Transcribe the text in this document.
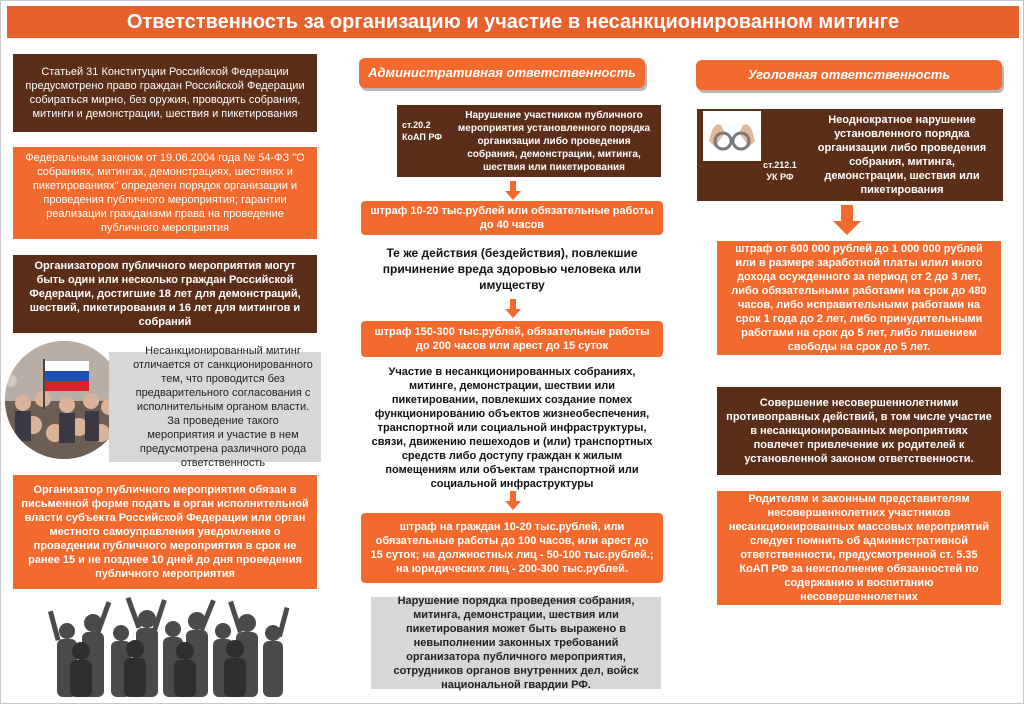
Ответственность за организацию и участие в несанкционированном митинге
Статьей 31 Конституции Российской Федерации предусмотрено право граждан Российской Федерации собираться мирно, без оружия, проводить собрания, митинги и демонстрации, шествия и пикетирования
Федеральным законом от 19.06.2004 года № 54-ФЗ "О собраниях, митингах, демонстрациях, шествиях и пикетированиях" определен порядок организации и проведения публичного мероприятия; гарантии реализации гражданами права на проведение публичного мероприятия
Организатором публичного мероприятия могут быть один или несколько граждан Российской Федерации, достигшие 18 лет для демонстраций, шествий, пикетирования и 16 лет для митингов и собраний
Несанкционированный митинг отличается от санкционированного тем, что проводится без предварительного согласования с исполнительным органом власти. За проведение такого мероприятия и участие в нем предусмотрена различного рода ответственность
Организатор публичного мероприятия обязан в письменной форме подать в орган исполнительной власти субъекта Российской Федерации или орган местного самоуправления уведомление о проведении публичного мероприятия в срок не ранее 15 и не позднее 10 дней до дня проведения публичного мероприятия
Административная ответственность
ст.20.2 КоАП РФ
Нарушение участником публичного мероприятия установленного порядка организации либо проведения собрания, демонстрации, митинга, шествия или пикетирования
штраф 10-20 тыс.рублей или обязательные работы до 40 часов
Те же действия (бездействия), повлекшие причинение вреда здоровью человека или имуществу
штраф 150-300 тыс.рублей, обязательные работы до 200 часов или арест до 15 суток
Участие в несанкционированных собраниях, митинге, демонстрации, шествии или пикетировании, повлекших создание помех функционированию объектов жизнеобеспечения, транспортной или социальной инфраструктуры, связи, движению пешеходов и (или) транспортных средств либо доступу граждан к жилым помещениям или объектам транспортной или социальной инфраструктуры
штраф на граждан 10-20 тыс.рублей, или обязательные работы до 100 часов, или арест до 15 суток; на должностных лиц - 50-100 тыс.рублей.; на юридических лиц - 200-300 тыс.рублей.
Нарушение порядка проведения собрания, митинга, демонстрации, шествия или пикетирования может быть выражено в невыполнении законных требований организатора публичного мероприятия, сотрудников органов внутренних дел, войск национальной гвардии РФ.
Уголовная ответственность
ст.212.1 УК РФ
Неоднократное нарушение установленного порядка организации либо проведения собрания, митинга, демонстрации, шествия или пикетирования
штраф от 600 000 рублей до 1 000 000 рублей или в размере заработной платы илил иного дохода осужденного за период от 2 до 3 лет, либо обязательными работами на срок до 480 часов, либо исправительными работами на срок 1 года до 2 лет, либо принудительными работами на срок до 5 лет, либо лишением свободы на срок до 5 лет.
Совершение несовершеннолетними противоправных действий, в том числе участие в несанкционированных мероприятиях повлечет привлечение их родителей к установленной законом ответственности.
Родителям и законным представителям несовершеннолетних участников несанкционированных массовых мероприятий следует помнить об административной ответственности, предусмотренной ст. 5.35 КоАП РФ за неисполнение обязанностей по содержанию и воспитанию несовершеннолетних
